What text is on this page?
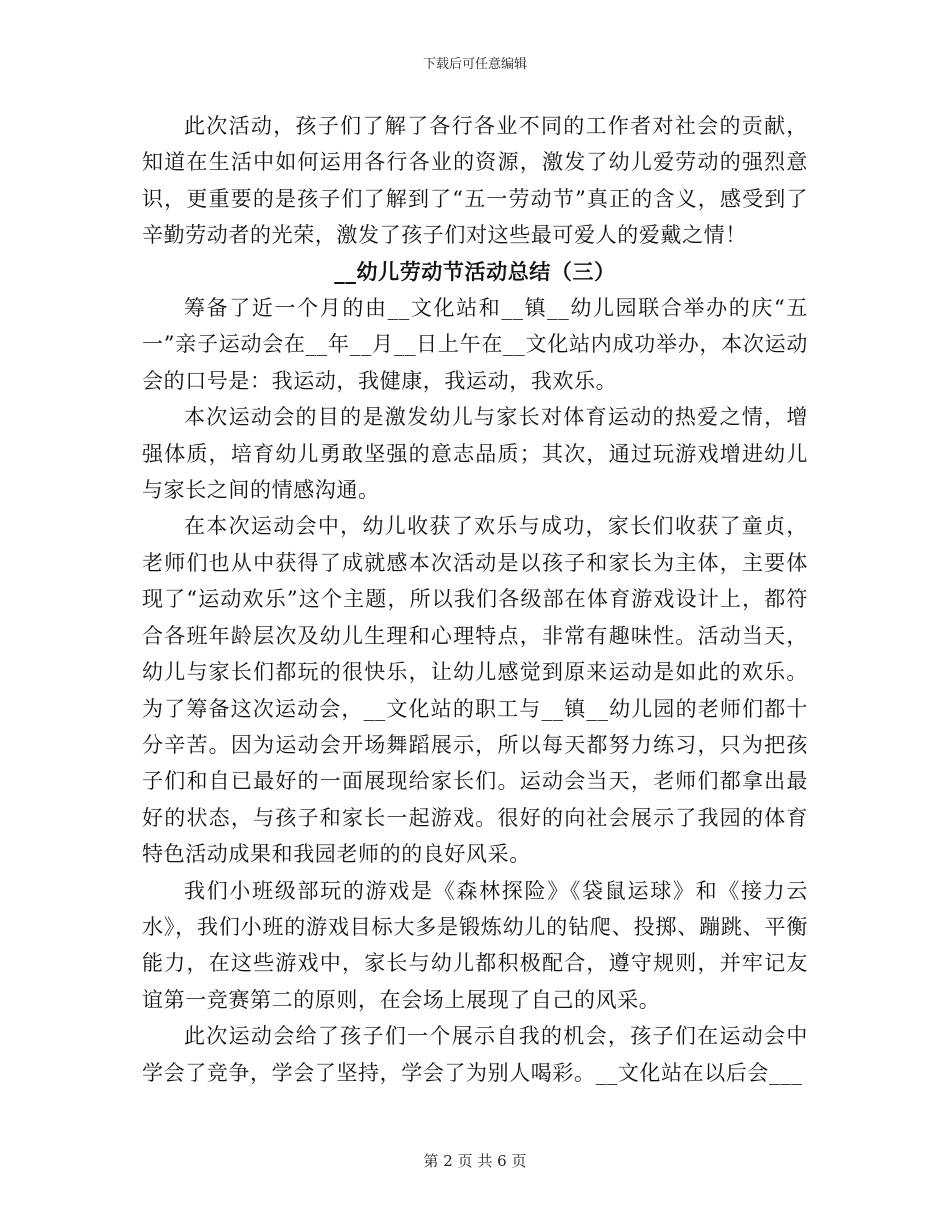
下载后可任意编辑

此次活动，孩子们了解了各行各业不同的工作者对社会的贡献，知道在生活中如何运用各行各业的资源，激发了幼儿爱劳动的强烈意识，更重要的是孩子们了解到了“五一劳动节”真正的含义，感受到了辛勤劳动者的光荣，激发了孩子们对这些最可爱人的爱戴之情！

__幼儿劳动节活动总结（三）

筹备了近一个月的由__文化站和__镇__幼儿园联合举办的庆“五一”亲子运动会在__年__月__日上午在__文化站内成功举办，本次运动会的口号是：我运动，我健康，我运动，我欢乐。

本次运动会的目的是激发幼儿与家长对体育运动的热爱之情，增强体质，培育幼儿勇敢坚强的意志品质；其次，通过玩游戏增进幼儿与家长之间的情感沟通。

在本次运动会中，幼儿收获了欢乐与成功，家长们收获了童贞，老师们也从中获得了成就感本次活动是以孩子和家长为主体，主要体现了“运动欢乐”这个主题，所以我们各级部在体育游戏设计上，都符合各班年龄层次及幼儿生理和心理特点，非常有趣味性。活动当天，幼儿与家长们都玩的很快乐，让幼儿感觉到原来运动是如此的欢乐。为了筹备这次运动会，__文化站的职工与__镇__幼儿园的老师们都十分辛苦。因为运动会开场舞蹈展示，所以每天都努力练习，只为把孩子们和自已最好的一面展现给家长们。运动会当天，老师们都拿出最好的状态，与孩子和家长一起游戏。很好的向社会展示了我园的体育特色活动成果和我园老师的的良好风采。

我们小班级部玩的游戏是《森林探险》《袋鼠运球》和《接力云水》，我们小班的游戏目标大多是锻炼幼儿的钻爬、投掷、蹦跳、平衡能力，在这些游戏中，家长与幼儿都积极配合，遵守规则，并牢记友谊第一竞赛第二的原则，在会场上展现了自己的风采。

此次运动会给了孩子们一个展示自我的机会，孩子们在运动会中学会了竞争，学会了坚持，学会了为别人喝彩。__文化站在以后会___

第 2 页 共 6 页
